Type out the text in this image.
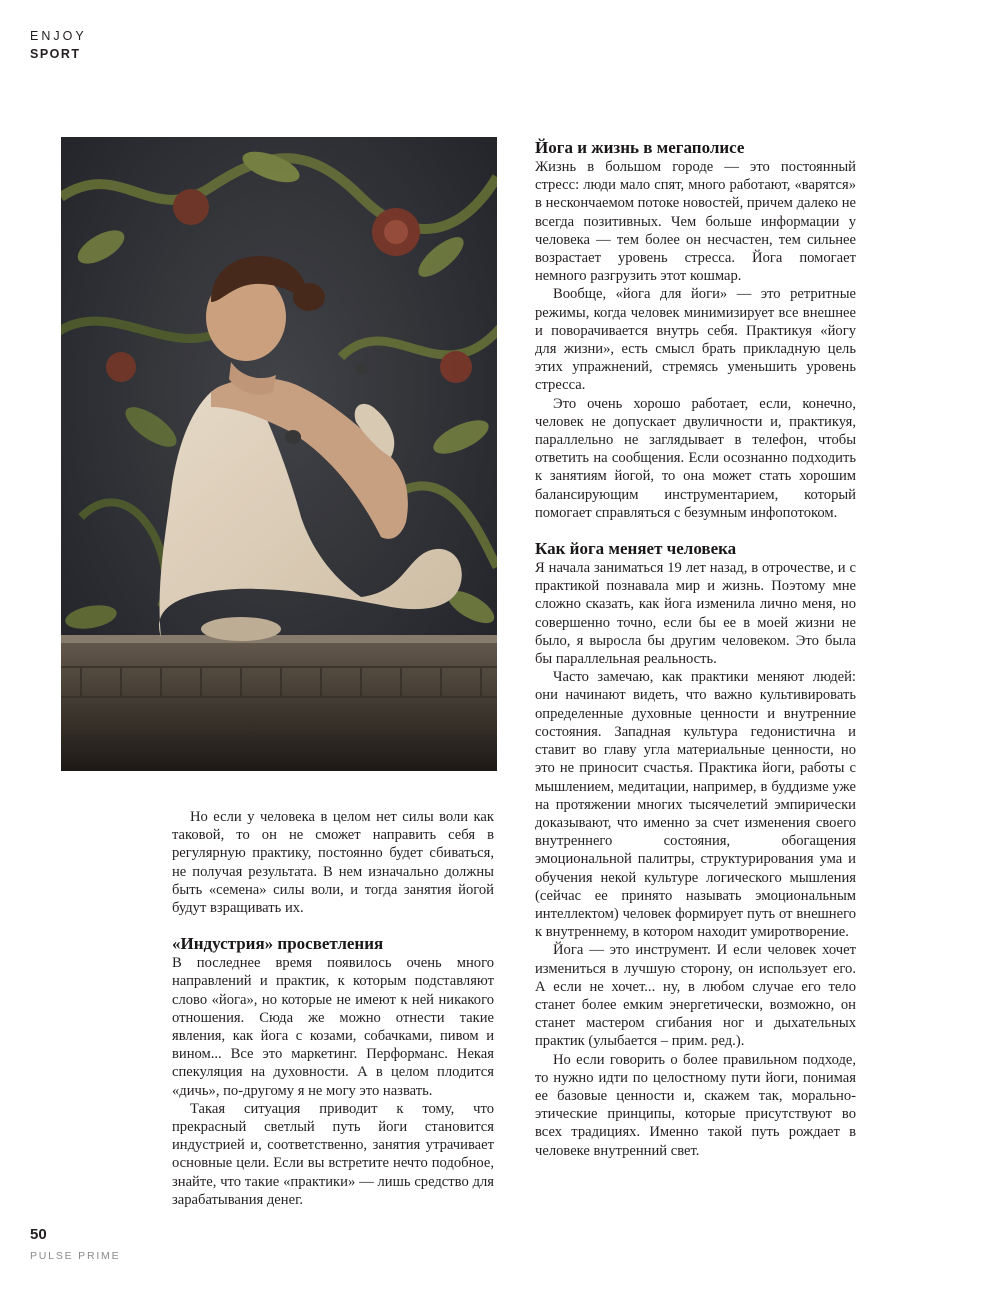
ENJOY
SPORT

Но если у человека в целом нет силы воли как таковой, то он не сможет направить себя в регулярную практику, постоянно будет сбиваться, не получая результата. В нем изначально должны быть «семена» силы воли, и тогда занятия йогой будут взращивать их.

«Индустрия» просветления

В последнее время появилось очень много направлений и практик, к которым подставляют слово «йога», но которые не имеют к ней никакого отношения. Сюда же можно отнести такие явления, как йога с козами, собачками, пивом и вином... Все это маркетинг. Перформанс. Некая спекуляция на духовности. А в целом плодится «дичь», по-другому я не могу это назвать.

Такая ситуация приводит к тому, что прекрасный светлый путь йоги становится индустрией и, соответственно, занятия утрачивает основные цели. Если вы встретите нечто подобное, знайте, что такие «практики» — лишь средство для зарабатывания денег.

Йога и жизнь в мегаполисе

Жизнь в большом городе — это постоянный стресс: люди мало спят, много работают, «варятся» в нескончаемом потоке новостей, причем далеко не всегда позитивных. Чем больше информации у человека — тем более он несчастен, тем сильнее возрастает уровень стресса. Йога помогает немного разгрузить этот кошмар.

Вообще, «йога для йоги» — это ретритные режимы, когда человек минимизирует все внешнее и поворачивается внутрь себя. Практикуя «йогу для жизни», есть смысл брать прикладную цель этих упражнений, стремясь уменьшить уровень стресса.

Это очень хорошо работает, если, конечно, человек не допускает двуличности и, практикуя, параллельно не заглядывает в телефон, чтобы ответить на сообщения. Если осознанно подходить к занятиям йогой, то она может стать хорошим балансирующим инструментарием, который помогает справляться с безумным инфопотоком.

Как йога меняет человека

Я начала заниматься 19 лет назад, в отрочестве, и с практикой познавала мир и жизнь. Поэтому мне сложно сказать, как йога изменила лично меня, но совершенно точно, если бы ее в моей жизни не было, я выросла бы другим человеком. Это была бы параллельная реальность.

Часто замечаю, как практики меняют людей: они начинают видеть, что важно культивировать определенные духовные ценности и внутренние состояния. Западная культура гедонистична и ставит во главу угла материальные ценности, но это не приносит счастья. Практика йоги, работы с мышлением, медитации, например, в буддизме уже на протяжении многих тысячелетий эмпирически доказывают, что именно за счет изменения своего внутреннего состояния, обогащения эмоциональной палитры, структурирования ума и обучения некой культуре логического мышления (сейчас ее принято называть эмоциональным интеллектом) человек формирует путь от внешнего к внутреннему, в котором находит умиротворение.

Йога — это инструмент. И если человек хочет измениться в лучшую сторону, он использует его. А если не хочет... ну, в любом случае его тело станет более емким энергетически, возможно, он станет мастером сгибания ног и дыхательных практик (улыбается – прим. ред.).

Но если говорить о более правильном подходе, то нужно идти по целостному пути йоги, понимая ее базовые ценности и, скажем так, морально-этические принципы, которые присутствуют во всех традициях. Именно такой путь рождает в человеке внутренний свет.

50
PULSE PRIME
